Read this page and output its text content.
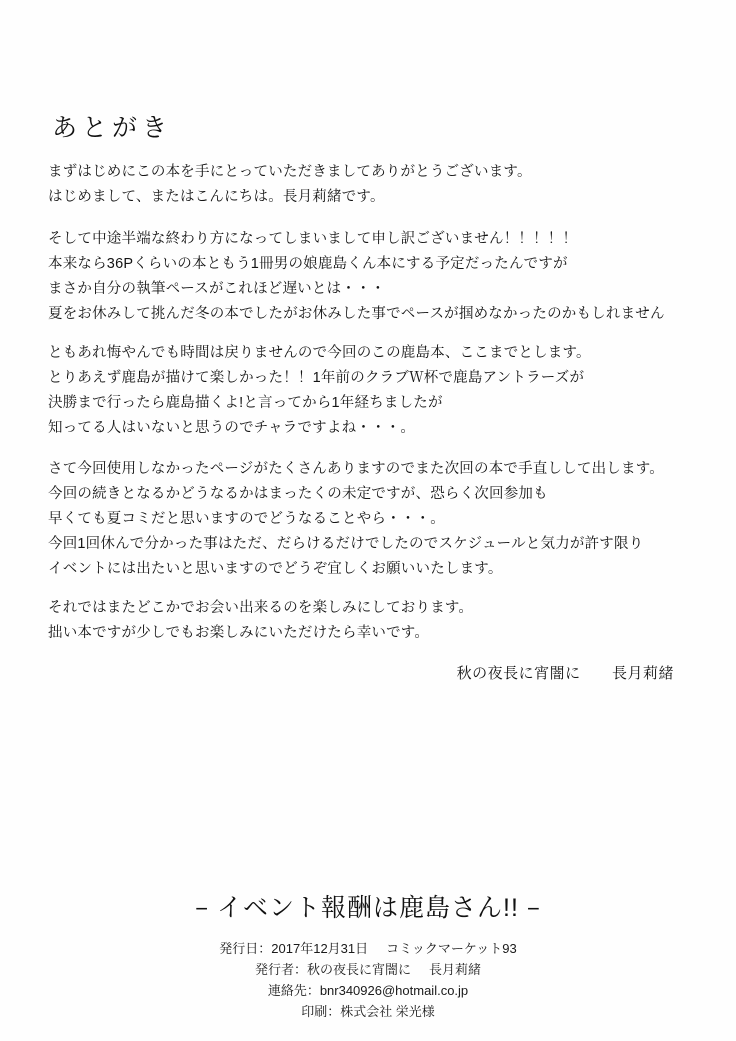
あとがき

まずはじめにこの本を手にとっていただきましてありがとうございます。

はじめまして、またはこんにちは。長月莉緒です。

そして中途半端な終わり方になってしまいまして申し訳ございません！！！！！

本来なら36Pくらいの本ともう1冊男の娘鹿島くん本にする予定だったんですが

まさか自分の執筆ペースがこれほど遅いとは・・・

夏をお休みして挑んだ冬の本でしたがお休みした事でペースが掴めなかったのかもしれません

ともあれ悔やんでも時間は戻りませんので今回のこの鹿島本、ここまでとします。

とりあえず鹿島が描けて楽しかった！！1年前のクラブＷ杯で鹿島アントラーズが

決勝まで行ったら鹿島描くよ!と言ってから1年経ちましたが

知ってる人はいないと思うのでチャラですよね・・・。

さて今回使用しなかったページがたくさんありますのでまた次回の本で手直しして出します。

今回の続きとなるかどうなるかはまったくの未定ですが、恐らく次回参加も

早くても夏コミだと思いますのでどうなることやら・・・。

今回1回休んで分かった事はただ、だらけるだけでしたのでスケジュールと気力が許す限り

イベントには出たいと思いますのでどうぞ宜しくお願いいたします。

それではまたどこかでお会い出来るのを楽しみにしております。

拙い本ですが少しでもお楽しみにいただけたら幸いです。

秋の夜長に宵闇に 長月莉緒
− イベント報酬は鹿島さん!! −
発行日：2017年12月31日 コミックマーケット93
発行者：秋の夜長に宵闇に 長月莉緒
連絡先：bnr340926@hotmail.co.jp
印刷：株式会社 栄光様
